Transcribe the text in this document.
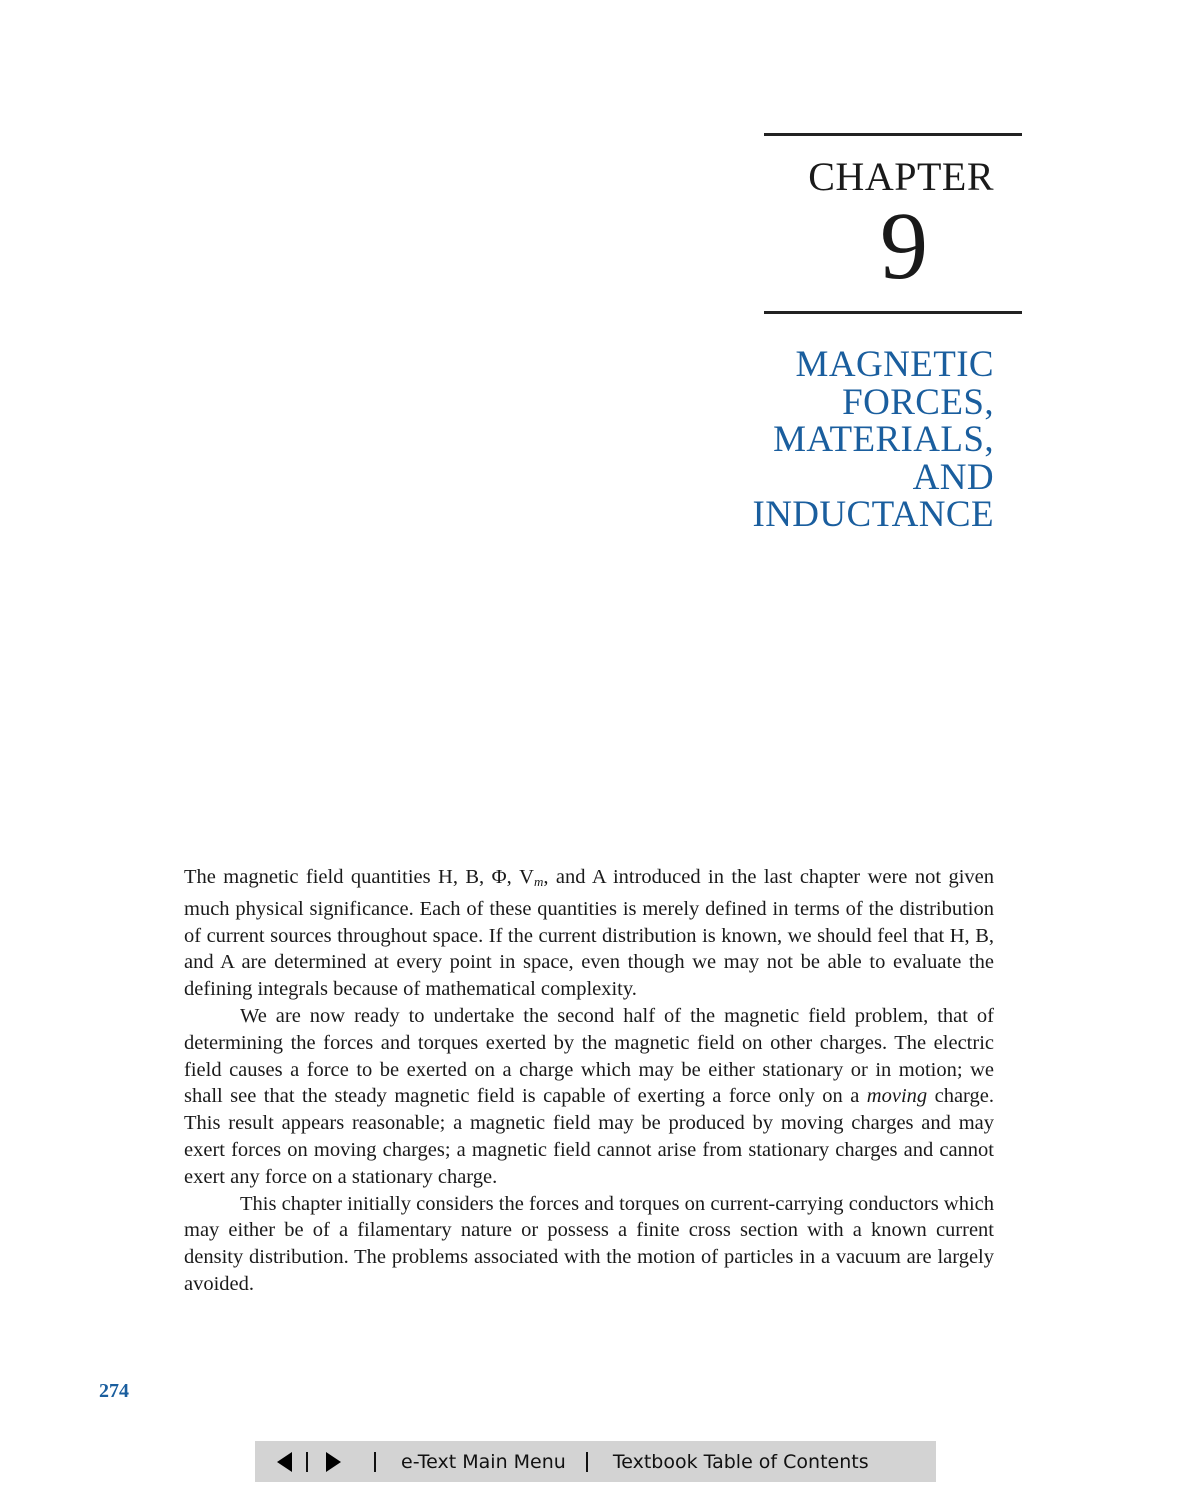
CHAPTER
9
MAGNETIC
FORCES,
MATERIALS,
AND
INDUCTANCE

The magnetic field quantities H, B, Φ, $V_m$, and A introduced in the last chapter were not given much physical significance. Each of these quantities is merely defined in terms of the distribution of current sources throughout space. If the current distribution is known, we should feel that H, B, and A are determined at every point in space, even though we may not be able to evaluate the defining integrals because of mathematical complexity.

We are now ready to undertake the second half of the magnetic field problem, that of determining the forces and torques exerted by the magnetic field on other charges. The electric field causes a force to be exerted on a charge which may be either stationary or in motion; we shall see that the steady magnetic field is capable of exerting a force only on a moving charge. This result appears reasonable; a magnetic field may be produced by moving charges and may exert forces on moving charges; a magnetic field cannot arise from stationary charges and cannot exert any force on a stationary charge.

This chapter initially considers the forces and torques on current-carrying conductors which may either be of a filamentary nature or possess a finite cross section with a known current density distribution. The problems associated with the motion of particles in a vacuum are largely avoided.

274
e-Text Main Menu Textbook Table of Contents
